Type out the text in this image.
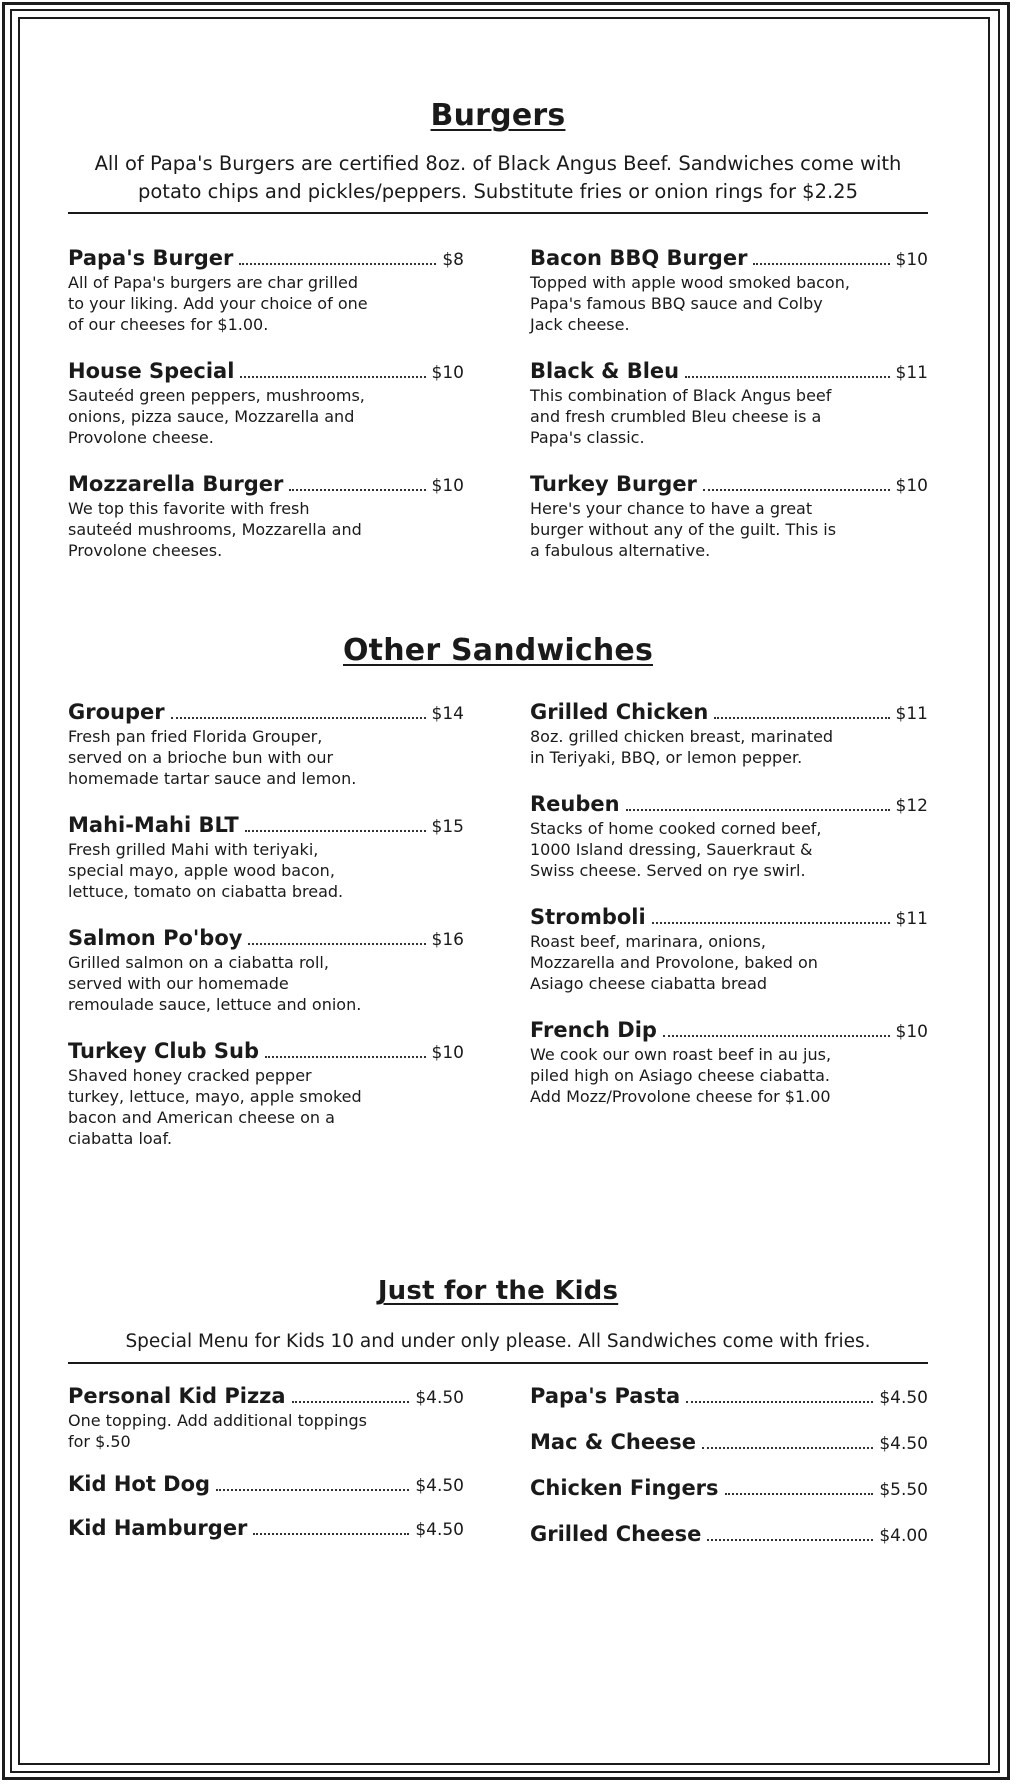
Burgers
All of Papa's Burgers are certified 8oz. of Black Angus Beef. Sandwiches come with potato chips and pickles/peppers. Substitute fries or onion rings for $2.25
Papa's Burger	$8
All of Papa's burgers are char grilled to your liking. Add your choice of one of our cheeses for $1.00.
House Special	$10
Sauteéd green peppers, mushrooms, onions, pizza sauce, Mozzarella and Provolone cheese.
Mozzarella Burger	$10
We top this favorite with fresh sauteéd mushrooms, Mozzarella and Provolone cheeses.
Bacon BBQ Burger	$10
Topped with apple wood smoked bacon, Papa's famous BBQ sauce and Colby Jack cheese.
Black & Bleu	$11
This combination of Black Angus beef and fresh crumbled Bleu cheese is a Papa's classic.
Turkey Burger	$10
Here's your chance to have a great burger without any of the guilt. This is a fabulous alternative.
Other Sandwiches
Grouper	$14
Fresh pan fried Florida Grouper, served on a brioche bun with our homemade tartar sauce and lemon.
Mahi-Mahi BLT	$15
Fresh grilled Mahi with teriyaki, special mayo, apple wood bacon, lettuce, tomato on ciabatta bread.
Salmon Po'boy	$16
Grilled salmon on a ciabatta roll, served with our homemade remoulade sauce, lettuce and onion.
Turkey Club Sub	$10
Shaved honey cracked pepper turkey, lettuce, mayo, apple smoked bacon and American cheese on a ciabatta loaf.
Grilled Chicken	$11
8oz. grilled chicken breast, marinated in Teriyaki, BBQ, or lemon pepper.
Reuben	$12
Stacks of home cooked corned beef, 1000 Island dressing, Sauerkraut & Swiss cheese. Served on rye swirl.
Stromboli	$11
Roast beef, marinara, onions, Mozzarella and Provolone, baked on Asiago cheese ciabatta bread
French Dip	$10
We cook our own roast beef in au jus, piled high on Asiago cheese ciabatta. Add Mozz/Provolone cheese for $1.00
Just for the Kids
Special Menu for Kids 10 and under only please. All Sandwiches come with fries.
Personal Kid Pizza	$4.50
One topping. Add additional toppings for $.50
Kid Hot Dog	$4.50
Kid Hamburger	$4.50
Papa's Pasta	$4.50
Mac & Cheese	$4.50
Chicken Fingers	$5.50
Grilled Cheese	$4.00
